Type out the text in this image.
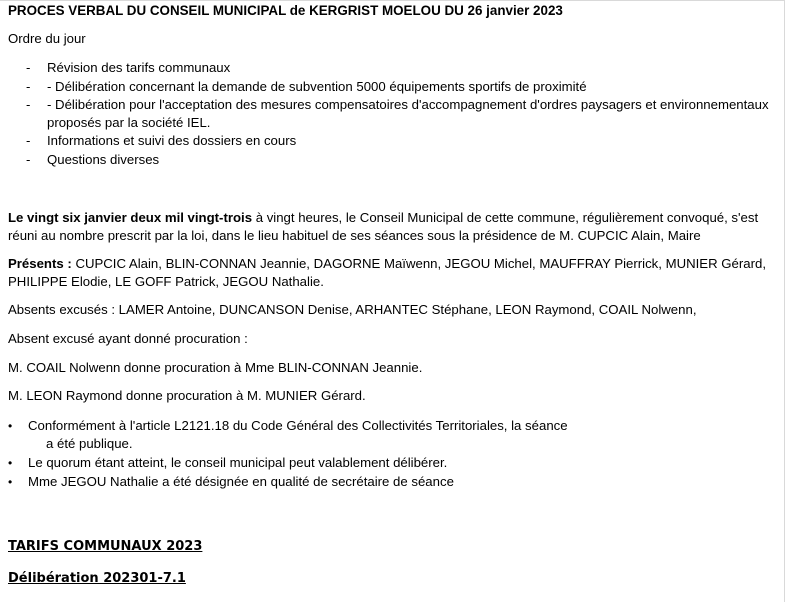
PROCES VERBAL DU CONSEIL MUNICIPAL de KERGRIST MOELOU DU 26 janvier 2023
Ordre du jour
- Révision des tarifs communaux
- - Délibération concernant la demande de subvention 5000 équipements sportifs de proximité
- - Délibération pour l'acceptation des mesures compensatoires d'accompagnement d'ordres paysagers et environnementaux
proposés par la société IEL.
- Informations et suivi des dossiers en cours
- Questions diverses
Le vingt six janvier deux mil vingt-trois à vingt heures, le Conseil Municipal de cette commune, régulièrement convoqué, s'est
réuni au nombre prescrit par la loi, dans le lieu habituel de ses séances sous la présidence de M. CUPCIC Alain, Maire
Présents : CUPCIC Alain, BLIN-CONNAN Jeannie, DAGORNE Maïwenn, JEGOU Michel, MAUFFRAY Pierrick, MUNIER Gérard,
PHILIPPE Elodie, LE GOFF Patrick, JEGOU Nathalie.
Absents excusés : LAMER Antoine, DUNCANSON Denise, ARHANTEC Stéphane, LEON Raymond, COAIL Nolwenn,
Absent excusé ayant donné procuration :
M. COAIL Nolwenn donne procuration à Mme BLIN-CONNAN Jeannie.
M. LEON Raymond donne procuration à M. MUNIER Gérard.
• Conformément à l'article L2121.18 du Code Général des Collectivités Territoriales, la séance
a été publique.
• Le quorum étant atteint, le conseil municipal peut valablement délibérer.
• Mme JEGOU Nathalie a été désignée en qualité de secrétaire de séance
TARIFS COMMUNAUX 2023
Délibération 202301-7.1
